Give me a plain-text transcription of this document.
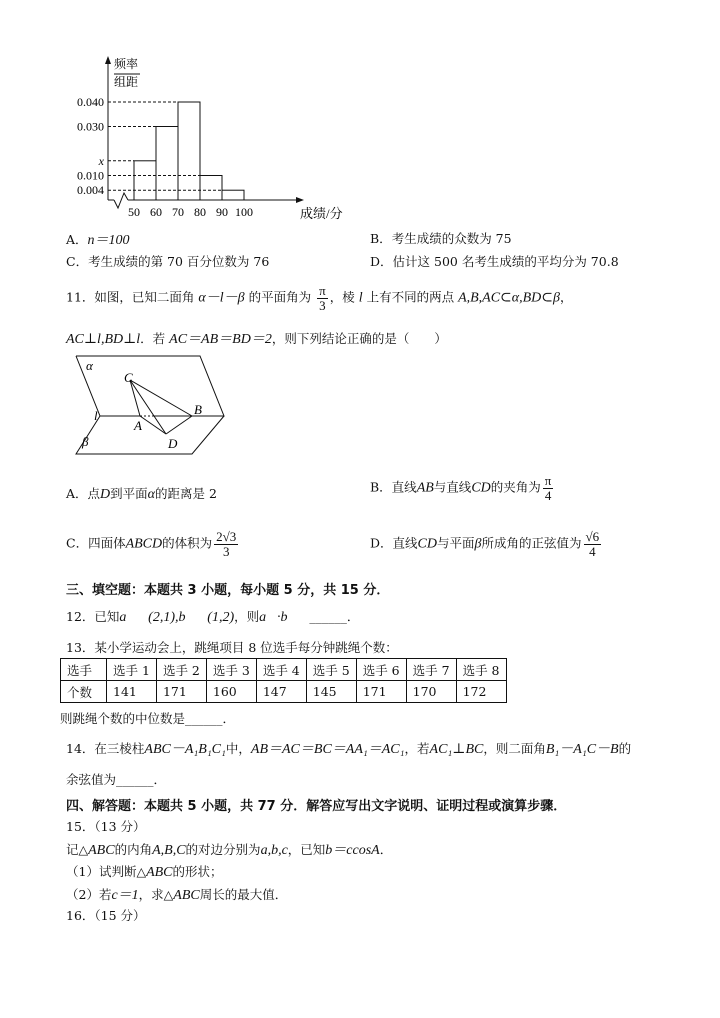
0.040
0.030
x
0.010
0.004
50 60 70 80 90 100
频率
组距
成绩/分
A．n＝100	B．考生成绩的众数为 75
C．考生成绩的第 70 百分位数为 76	D．估计这 500 名考生成绩的平均分为 70.8
11．如图，已知二面角 α－l－β 的平面角为 $\frac{\pi}{3}$ ，棱 l 上有不同的两点 A,B,AC⊂α,BD⊂β，
AC⊥l,BD⊥l．若 AC＝AB＝BD＝2，则下列结论正确的是（　　）
α
β
l
C
A
B
D
A．点D到平面α的距离是 2	B．直线AB与直线CD的夹角为 $\frac{\pi}{4}$
C．四面体ABCD的体积为 $\frac{2√3}{3}$	D．直线CD与平面β所成角的正弦值为 $\frac{√6}{4}$
三、填空题：本题共 3 小题，每小题 5 分，共 15 分．
12．已知a⃗＝(2,1),b⃗＝(1,2)，则a⃗·b⃗＝______．
13．某小学运动会上，跳绳项目 8 位选手每分钟跳绳个数：
选手	选手 1	选手 2	选手 3	选手 4	选手 5	选手 6	选手 7	选手 8
个数	141	171	160	147	145	171	170	172
则跳绳个数的中位数是______．
14．在三棱柱ABC－A₁B₁C₁中，AB＝AC＝BC＝AA₁＝AC₁，若AC₁⊥BC，则二面角B₁－A₁C－B的
余弦值为______．
四、解答题：本题共 5 小题，共 77 分．解答应写出文字说明、证明过程或演算步骤．
15．（13 分）
记△ABC的内角A,B,C的对边分别为a,b,c，已知b＝ccosA．
（1）试判断△ABC的形状；
（2）若c＝1，求△ABC周长的最大值．
16．（15 分）
